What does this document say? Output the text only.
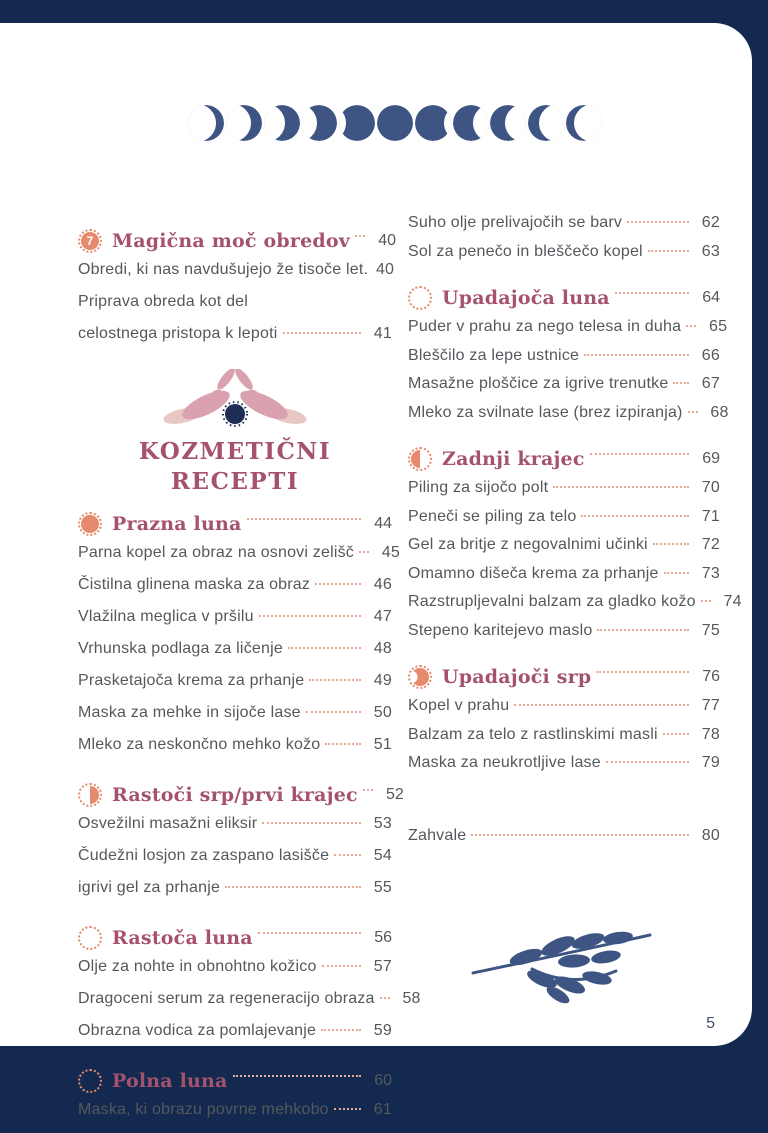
7 Magična moč obredov	40
Obredi, ki nas navdušujejo že tisoče let. 40
Priprava obreda kot del
celostnega pristopa k lepoti	41
KOZMETIČNI
RECEPTI
Prazna luna	44
Parna kopel za obraz na osnovi zelišč	45
Čistilna glinena maska za obraz	46
Vlažilna meglica v pršilu	47
Vrhunska podlaga za ličenje	48
Prasketajoča krema za prhanje	49
Maska za mehke in sijoče lase	50
Mleko za neskončno mehko kožo	51
Rastoči srp/prvi krajec	52
Osvežilni masažni eliksir	53
Čudežni losjon za zaspano lasišče	54
igrivi gel za prhanje	55
Rastoča luna	56
Olje za nohte in obnohtno kožico	57
Dragoceni serum za regeneracijo obraza	58
Obrazna vodica za pomlajevanje	59
Polna luna	60
Maska, ki obrazu povrne mehkobo	61
Suho olje prelivajočih se barv	62
Sol za penečo in bleščečo kopel	63
Upadajoča luna	64
Puder v prahu za nego telesa in duha	65
Bleščilo za lepe ustnice	66
Masažne ploščice za igrive trenutke	67
Mleko za svilnate lase (brez izpiranja)	68
Zadnji krajec	69
Piling za sijočo polt	70
Peneči se piling za telo	71
Gel za britje z negovalnimi učinki	72
Omamno dišeča krema za prhanje	73
Razstrupljevalni balzam za gladko kožo	74
Stepeno karitejevo maslo	75
Upadajoči srp	76
Kopel v prahu	77
Balzam za telo z rastlinskimi masli	78
Maska za neukrotljive lase	79
Zahvale	80
5
